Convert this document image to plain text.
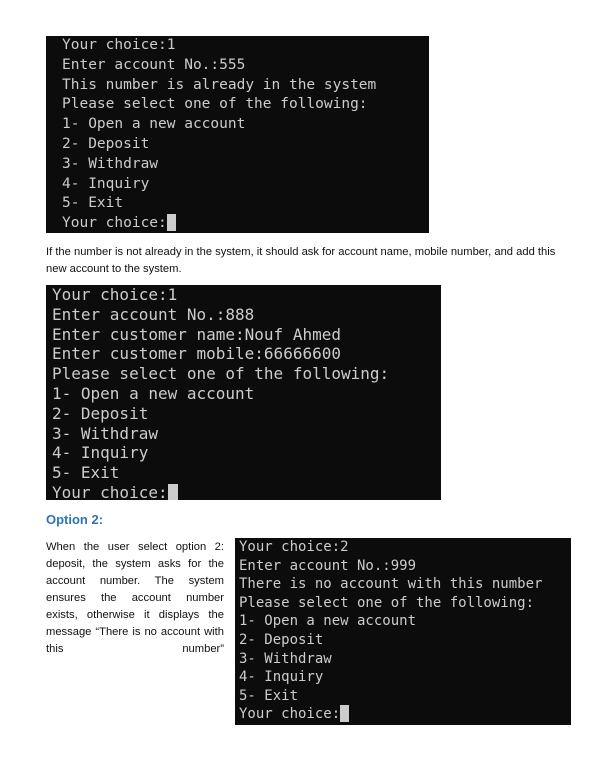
Your choice:1
Enter account No.:555
This number is already in the system
Please select one of the following:
1- Open a new account
2- Deposit
3- Withdraw
4- Inquiry
5- Exit
Your choice:
If the number is not already in the system, it should ask for account name, mobile number, and add this new account to the system.
Your choice:1
Enter account No.:888
Enter customer name:Nouf Ahmed
Enter customer mobile:66666600
Please select one of the following:
1- Open a new account
2- Deposit
3- Withdraw
4- Inquiry
5- Exit
Your choice:
Option 2:
When the user select option 2:
deposit, the system asks for the
account number. The system
ensures the account number
exists, otherwise it displays the
message “There is no account with
this number”
Your choice:2
Enter account No.:999
There is no account with this number
Please select one of the following:
1- Open a new account
2- Deposit
3- Withdraw
4- Inquiry
5- Exit
Your choice:
